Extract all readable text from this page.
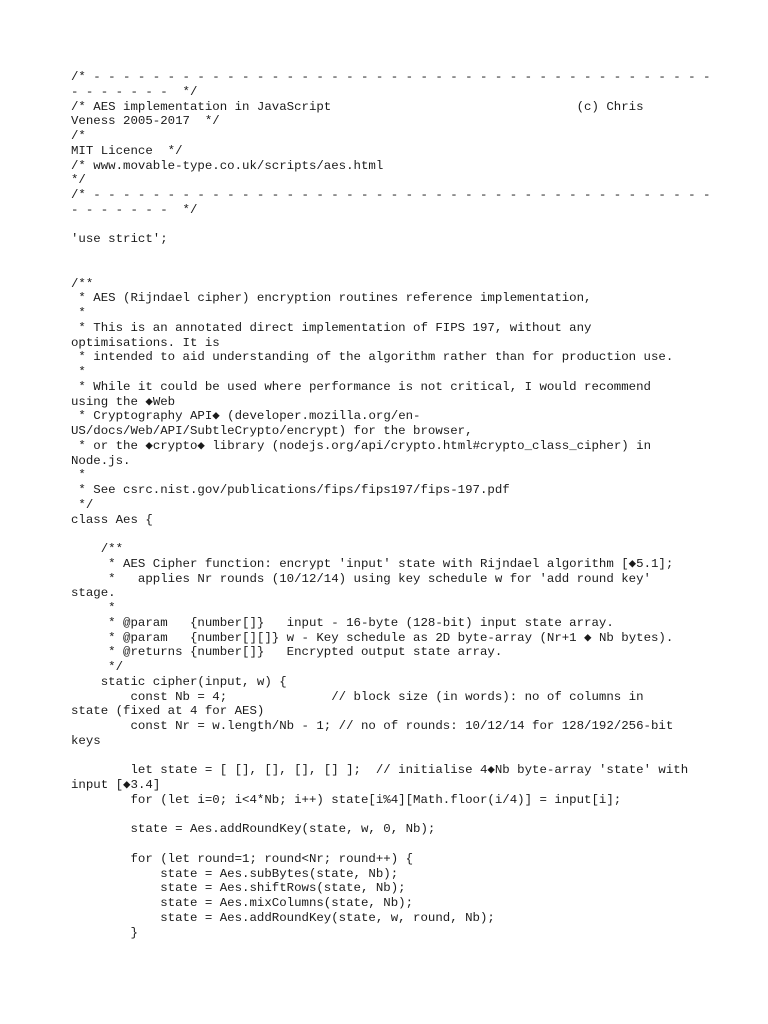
/* - - - - - - - - - - - - - - - - - - - - - - - - - - - - - - - - - - - - - - - - - -
- - - - - - -  */
/* AES implementation in JavaScript                                 (c) Chris
Veness 2005-2017  */
/*
MIT Licence  */
/* www.movable-type.co.uk/scripts/aes.html
*/
/* - - - - - - - - - - - - - - - - - - - - - - - - - - - - - - - - - - - - - - - - - -
- - - - - - -  */
'use strict';
/**
* AES (Rijndael cipher) encryption routines reference implementation,
*
* This is an annotated direct implementation of FIPS 197, without any
optimisations. It is
* intended to aid understanding of the algorithm rather than for production use.
*
* While it could be used where performance is not critical, I would recommend
using the ◆Web
* Cryptography API◆ (developer.mozilla.org/en-
US/docs/Web/API/SubtleCrypto/encrypt) for the browser,
* or the ◆crypto◆ library (nodejs.org/api/crypto.html#crypto_class_cipher) in
Node.js.
*
* See csrc.nist.gov/publications/fips/fips197/fips-197.pdf
*/
class Aes {
/**
* AES Cipher function: encrypt 'input' state with Rijndael algorithm [◆5.1];
*   applies Nr rounds (10/12/14) using key schedule w for 'add round key'
stage.
*
* @param   {number[]}   input - 16-byte (128-bit) input state array.
* @param   {number[][]} w - Key schedule as 2D byte-array (Nr+1 ◆ Nb bytes).
* @returns {number[]}   Encrypted output state array.
*/
static cipher(input, w) {
const Nb = 4;              // block size (in words): no of columns in
state (fixed at 4 for AES)
const Nr = w.length/Nb - 1; // no of rounds: 10/12/14 for 128/192/256-bit
keys
let state = [ [], [], [], [] ];  // initialise 4◆Nb byte-array 'state' with
input [◆3.4]
for (let i=0; i<4*Nb; i++) state[i%4][Math.floor(i/4)] = input[i];
state = Aes.addRoundKey(state, w, 0, Nb);
for (let round=1; round<Nr; round++) {
state = Aes.subBytes(state, Nb);
state = Aes.shiftRows(state, Nb);
state = Aes.mixColumns(state, Nb);
state = Aes.addRoundKey(state, w, round, Nb);
}
